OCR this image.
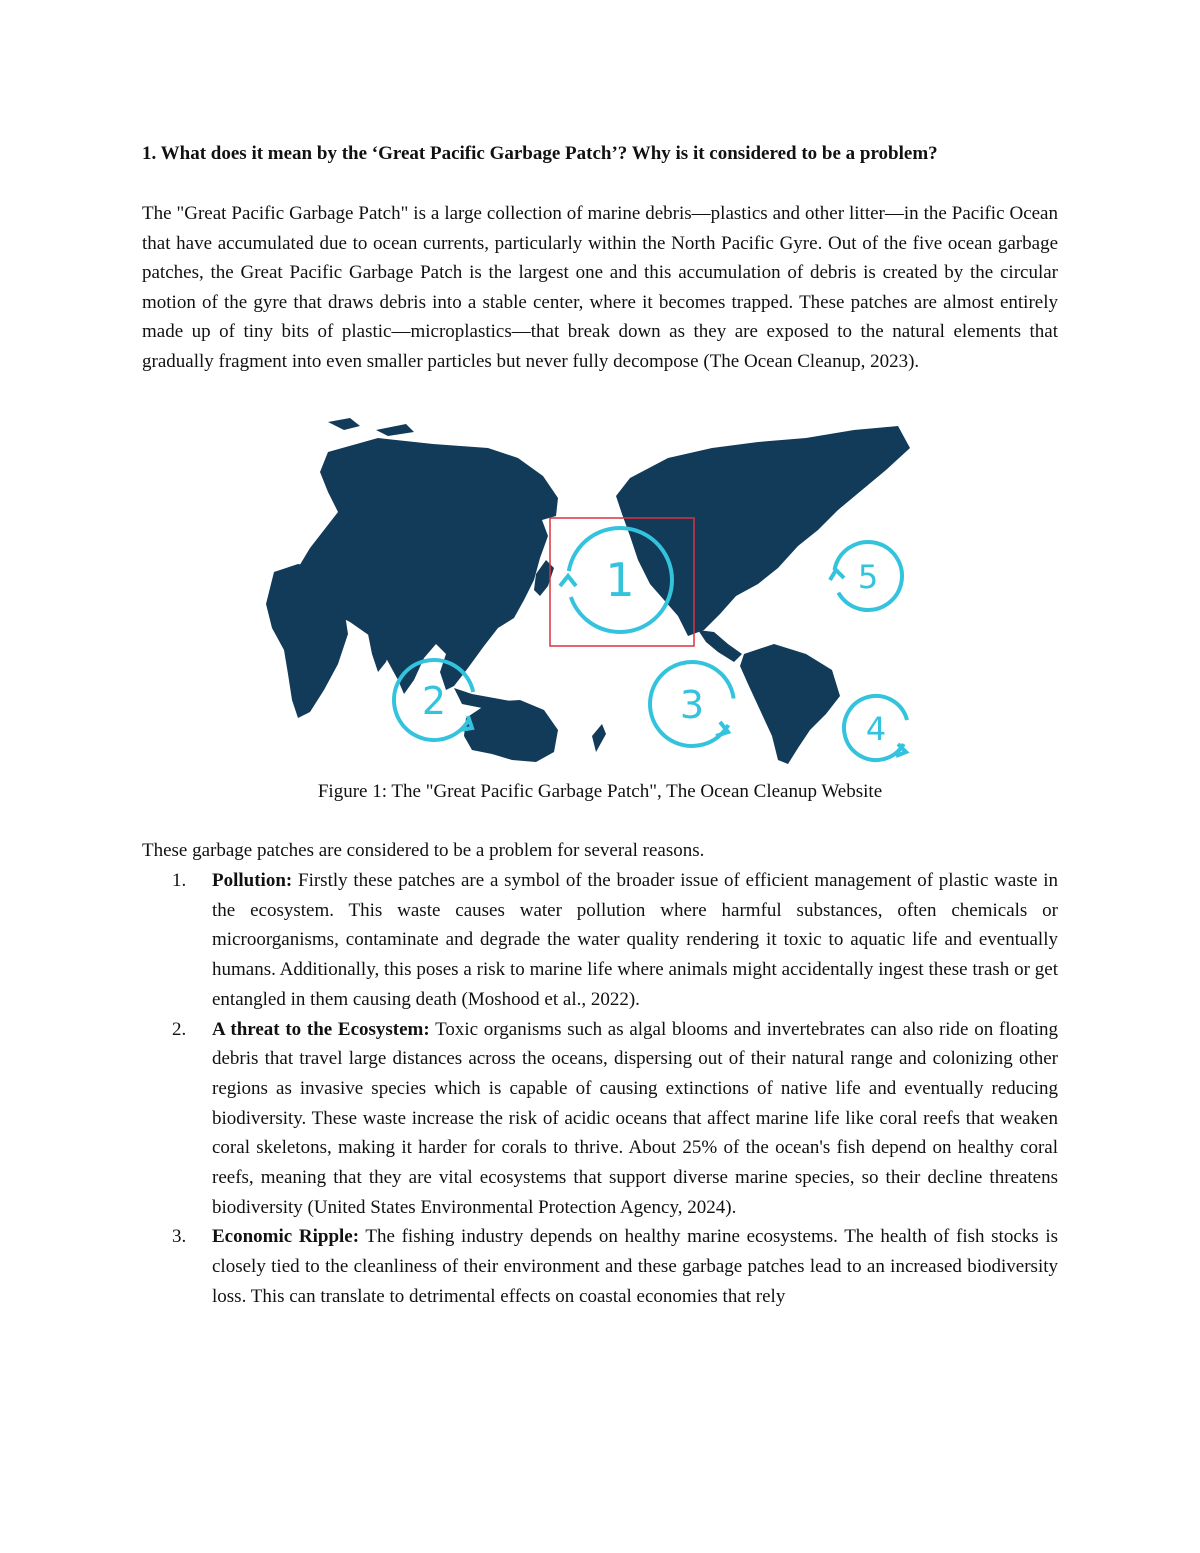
1. What does it mean by the ‘Great Pacific Garbage Patch’? Why is it considered to be a problem?
The "Great Pacific Garbage Patch" is a large collection of marine debris—plastics and other litter—in the Pacific Ocean that have accumulated due to ocean currents, particularly within the North Pacific Gyre. Out of the five ocean garbage patches, the Great Pacific Garbage Patch is the largest one and this accumulation of debris is created by the circular motion of the gyre that draws debris into a stable center, where it becomes trapped. These patches are almost entirely made up of tiny bits of plastic—microplastics—that break down as they are exposed to the natural elements that gradually fragment into even smaller particles but never fully decompose (The Ocean Cleanup, 2023).
1
2	3
4
5
Figure 1: The "Great Pacific Garbage Patch", The Ocean Cleanup Website
These garbage patches are considered to be a problem for several reasons.
1. Pollution: Firstly these patches are a symbol of the broader issue of efficient management of plastic waste in the ecosystem. This waste causes water pollution where harmful substances, often chemicals or microorganisms, contaminate and degrade the water quality rendering it toxic to aquatic life and eventually humans. Additionally, this poses a risk to marine life where animals might accidentally ingest these trash or get entangled in them causing death (Moshood et al., 2022).
2. A threat to the Ecosystem: Toxic organisms such as algal blooms and invertebrates can also ride on floating debris that travel large distances across the oceans, dispersing out of their natural range and colonizing other regions as invasive species which is capable of causing extinctions of native life and eventually reducing biodiversity. These waste increase the risk of acidic oceans that affect marine life like coral reefs that weaken coral skeletons, making it harder for corals to thrive. About 25% of the ocean's fish depend on healthy coral reefs, meaning that they are vital ecosystems that support diverse marine species, so their decline threatens biodiversity (United States Environmental Protection Agency, 2024).
3. Economic Ripple: The fishing industry depends on healthy marine ecosystems. The health of fish stocks is closely tied to the cleanliness of their environment and these garbage patches lead to an increased biodiversity loss. This can translate to detrimental effects on coastal economies that rely
